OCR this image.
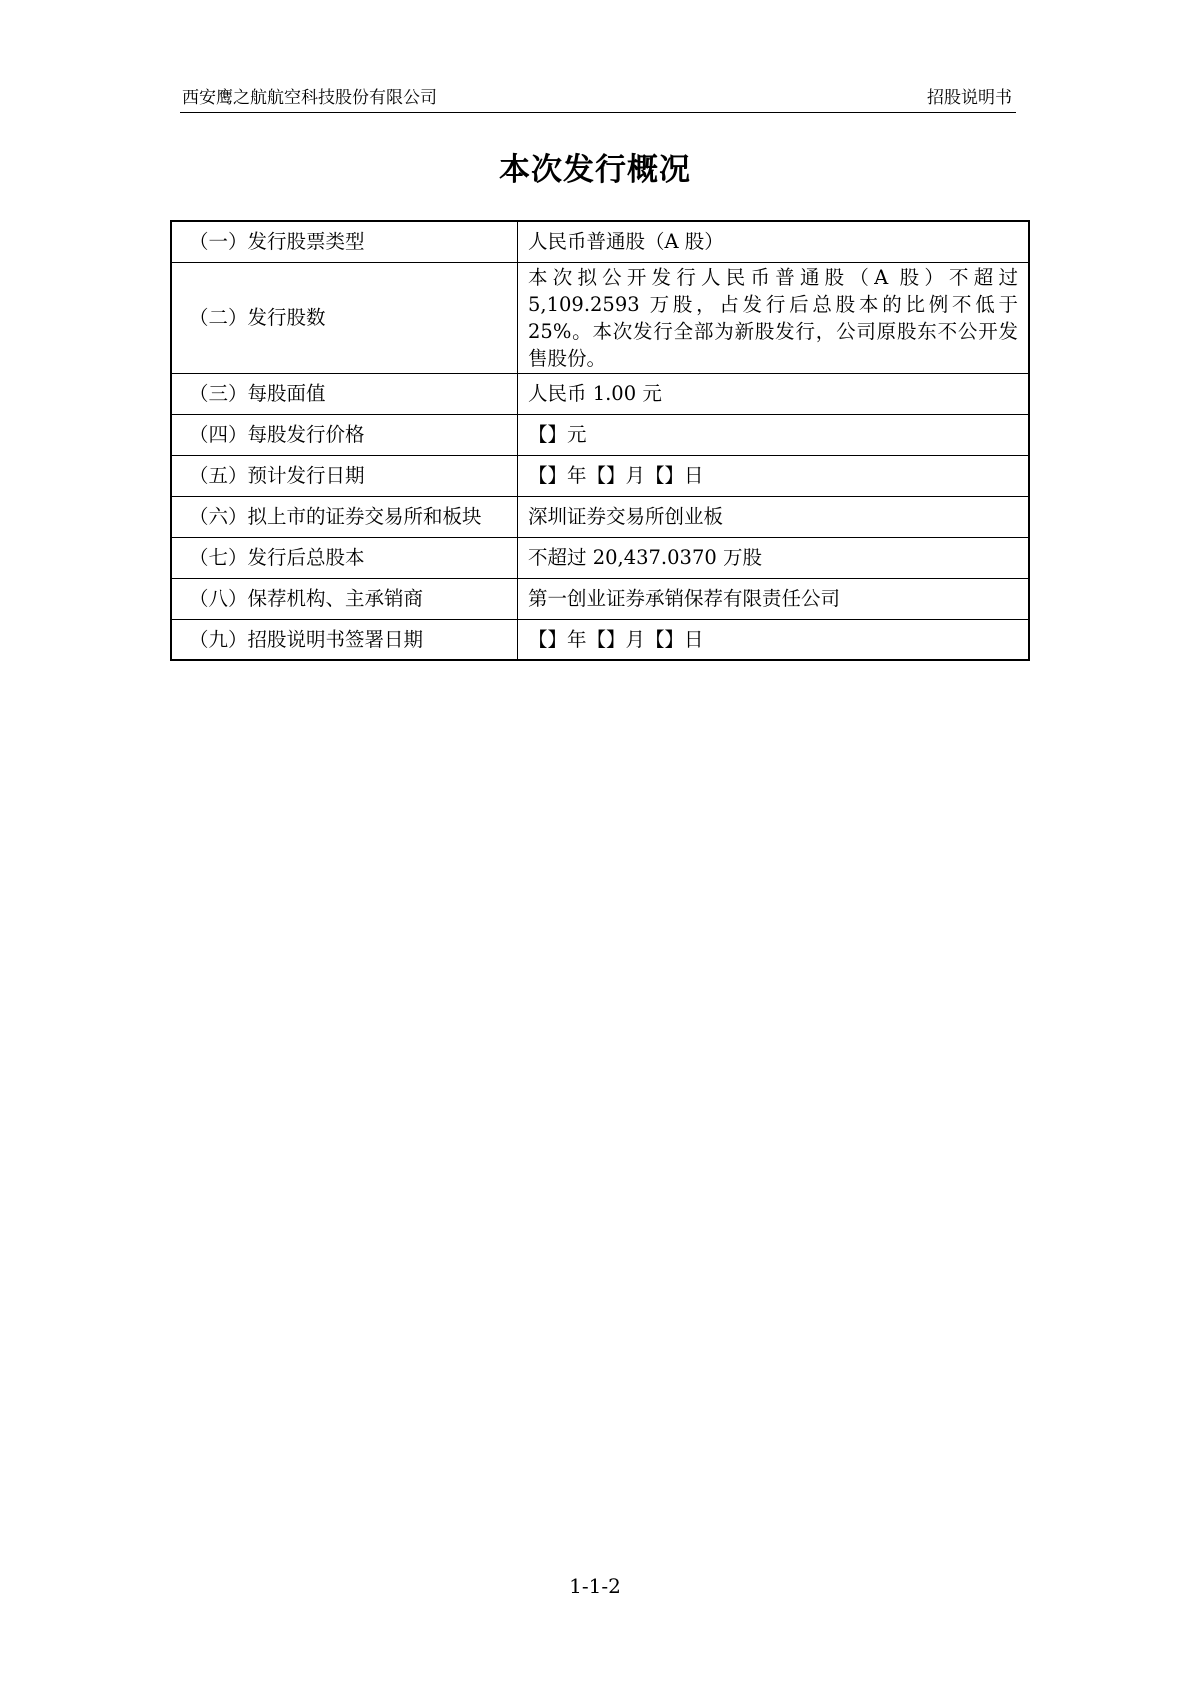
西安鹰之航航空科技股份有限公司	招股说明书
本次发行概况
（一）发行股票类型	人民币普通股（A 股）
（二）发行股数	本次拟公开发行人民币普通股（A 股）不超过 5,109.2593 万股，占发行后总股本的比例不低于 25%。本次发行全部为新股发行，公司原股东不公开发售股份。
（三）每股面值	人民币 1.00 元
（四）每股发行价格	【】元
（五）预计发行日期	【】年【】月【】日
（六）拟上市的证券交易所和板块	深圳证券交易所创业板
（七）发行后总股本	不超过 20,437.0370 万股
（八）保荐机构、主承销商	第一创业证券承销保荐有限责任公司
（九）招股说明书签署日期	【】年【】月【】日
1-1-2
